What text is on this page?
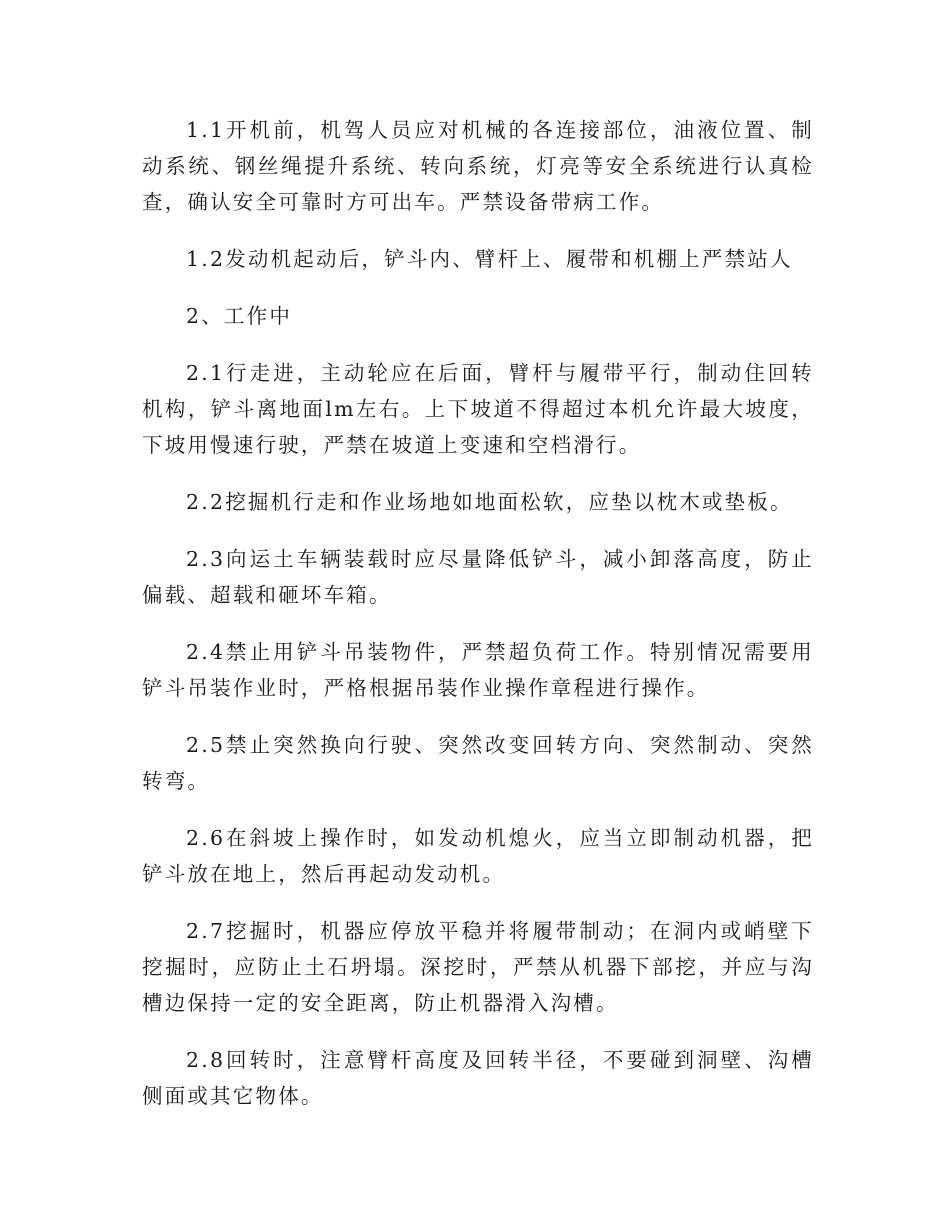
1.1开机前，机驾人员应对机械的各连接部位，油液位置、制动系统、钢丝绳提升系统、转向系统，灯亮等安全系统进行认真检查，确认安全可靠时方可出车。严禁设备带病工作。

1.2发动机起动后，铲斗内、臂杆上、履带和机棚上严禁站人

2、工作中

2.1行走进，主动轮应在后面，臂杆与履带平行，制动住回转机构，铲斗离地面lm左右。上下坡道不得超过本机允许最大坡度，下坡用慢速行驶，严禁在坡道上变速和空档滑行。

2.2挖掘机行走和作业场地如地面松软，应垫以枕木或垫板。

2.3向运土车辆装载时应尽量降低铲斗，减小卸落高度，防止偏载、超载和砸坏车箱。

2.4禁止用铲斗吊装物件，严禁超负荷工作。特别情况需要用铲斗吊装作业时，严格根据吊装作业操作章程进行操作。

2.5禁止突然换向行驶、突然改变回转方向、突然制动、突然转弯。

2.6在斜坡上操作时，如发动机熄火，应当立即制动机器，把铲斗放在地上，然后再起动发动机。

2.7挖掘时，机器应停放平稳并将履带制动；在洞内或峭壁下挖掘时，应防止土石坍塌。深挖时，严禁从机器下部挖，并应与沟槽边保持一定的安全距离，防止机器滑入沟槽。

2.8回转时，注意臂杆高度及回转半径，不要碰到洞壁、沟槽侧面或其它物体。
